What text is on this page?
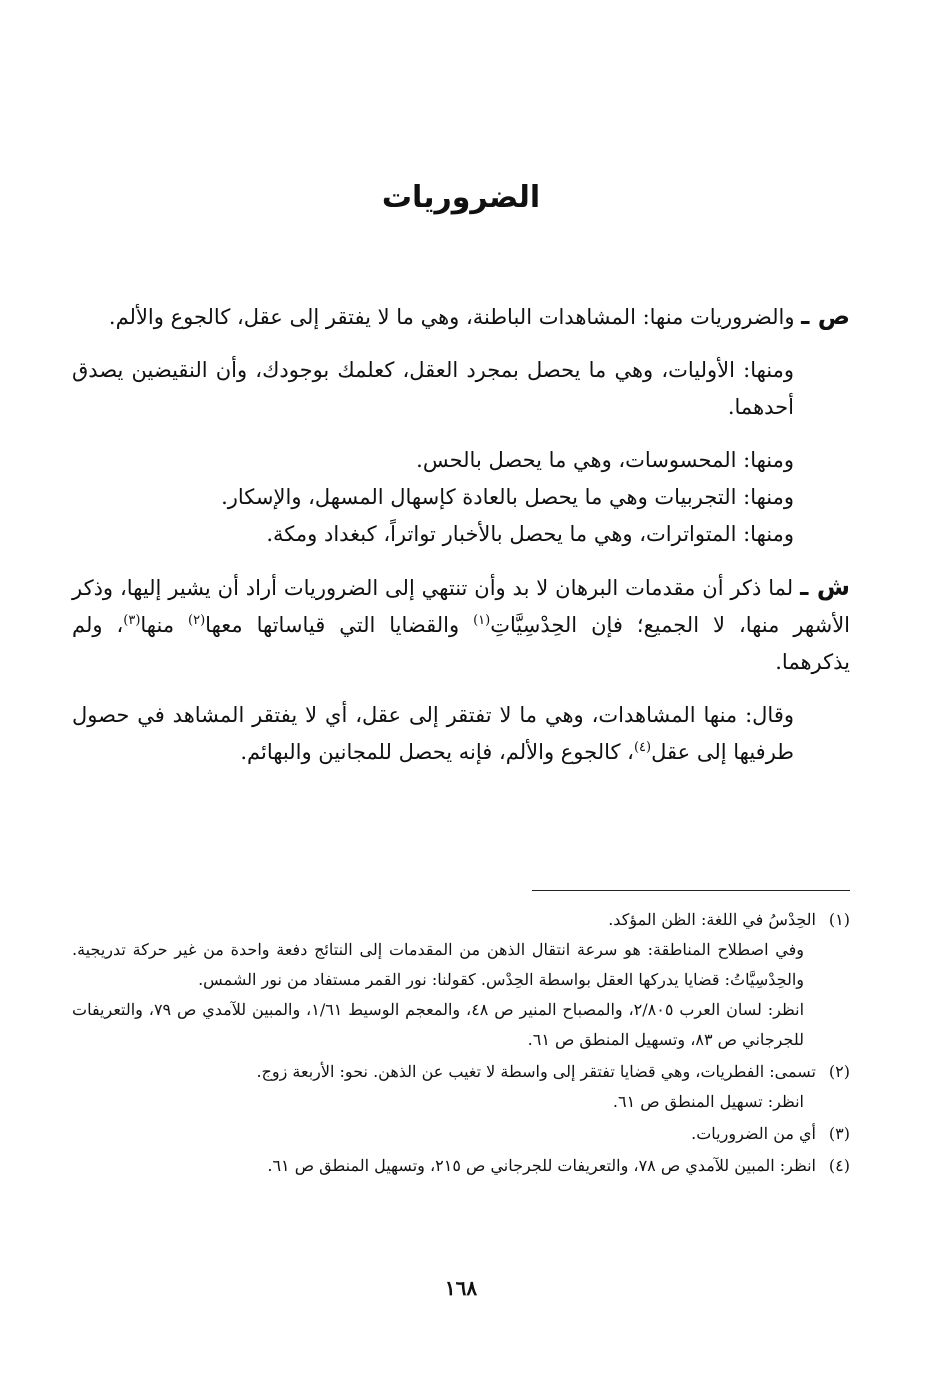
الضروريات

ص ـ والضروريات منها: المشاهدات الباطنة، وهي ما لا يفتقر إلى عقل، كالجوع والألم.

ومنها: الأوليات، وهي ما يحصل بمجرد العقل، كعلمك بوجودك، وأن النقيضين يصدق أحدهما.

ومنها: المحسوسات، وهي ما يحصل بالحس.

ومنها: التجربيات وهي ما يحصل بالعادة كإسهال المسهل، والإسكار.

ومنها: المتواترات، وهي ما يحصل بالأخبار تواتراً، كبغداد ومكة.

ش ـ لما ذكر أن مقدمات البرهان لا بد وأن تنتهي إلى الضروريات أراد أن يشير إليها، وذكر الأشهر منها، لا الجميع؛ فإن الحِدْسِيَّاتِ$^{(١)}$ والقضايا التي قياساتها معها$^{(٢)}$ منها$^{(٣)}$، ولم يذكرهما.

وقال: منها المشاهدات، وهي ما لا تفتقر إلى عقل، أي لا يفتقر المشاهد في حصول طرفيها إلى عقل$^{(٤)}$، كالجوع والألم، فإنه يحصل للمجانين والبهائم.

(١)

الحِدْسُ في اللغة: الظن المؤكد.

وفي اصطلاح المناطقة: هو سرعة انتقال الذهن من المقدمات إلى النتائج دفعة واحدة من غير حركة تدريجية. والحِدْسِيَّاتُ: قضايا يدركها العقل بواسطة الحِدْس. كقولنا: نور القمر مستفاد من نور الشمس.

انظر: لسان العرب ٢/٨٠٥، والمصباح المنير ص ٤٨، والمعجم الوسيط ١/٦١، والمبين للآمدي ص ٧٩، والتعريفات للجرجاني ص ٨٣، وتسهيل المنطق ص ٦١.

(٢)

تسمى: الفطريات، وهي قضايا تفتقر إلى واسطة لا تغيب عن الذهن. نحو: الأربعة زوج.

انظر: تسهيل المنطق ص ٦١.

(٣)

أي من الضروريات.

(٤)

انظر: المبين للآمدي ص ٧٨، والتعريفات للجرجاني ص ٢١٥، وتسهيل المنطق ص ٦١.

١٦٨
